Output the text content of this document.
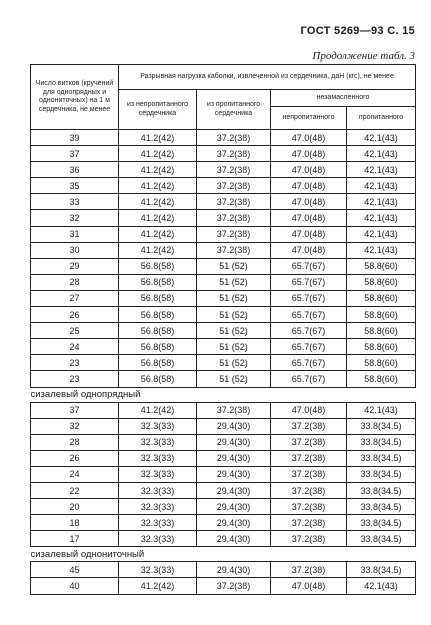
ГОСТ 5269—93 С. 15
Продолжение табл. 3
Число витков (кручений для однопрядных и однониточных) на 1 м сердечника, не менее	Разрывная нагрузка каболки, извлеченной из сердечника, даН (кгс), не менее
из непропитанного сердечника	из пропитанного сердечника	незамасленного
непропитанного	пропитанного
39	41.2(42)	37.2(38)	47.0(48)	42.1(43)
37	41.2(42)	37.2(38)	47.0(48)	42.1(43)
36	41.2(42)	37.2(38)	47.0(48)	42.1(43)
35	41.2(42)	37.2(38)	47.0(48)	42.1(43)
33	41.2(42)	37.2(38)	47.0(48)	42.1(43)
32	41.2(42)	37.2(38)	47.0(48)	42.1(43)
31	41.2(42)	37.2(38)	47.0(48)	42.1(43)
30	41.2(42)	37.2(38)	47.0(48)	42.1(43)
29	56.8(58)	51 (52)	65.7(67)	58.8(60)
28	56.8(58)	51 (52)	65.7(67)	58.8(60)
27	56.8(58)	51 (52)	65.7(67)	58.8(60)
26	56.8(58)	51 (52)	65.7(67)	58.8(60)
25	56.8(58)	51 (52)	65.7(67)	58.8(60)
24	56.8(58)	51 (52)	65.7(67)	58.8(60)
23	56.8(58)	51 (52)	65.7(67)	58.8(60)
23	56.8(58)	51 (52)	65.7(67)	58.8(60)
сизалевый однопрядный
37	41.2(42)	37.2(38)	47.0(48)	42.1(43)
32	32.3(33)	29.4(30)	37.2(38)	33.8(34.5)
28	32.3(33)	29.4(30)	37.2(38)	33.8(34.5)
26	32.3(33)	29.4(30)	37.2(38)	33.8(34.5)
24	32.3(33)	29.4(30)	37.2(38)	33.8(34.5)
22	32.3(33)	29.4(30)	37.2(38)	33.8(34.5)
20	32.3(33)	29.4(30)	37.2(38)	33.8(34.5)
18	32.3(33)	29.4(30)	37.2(38)	33.8(34.5)
17	32.3(33)	29.4(30)	37.2(38)	33.8(34.5)
сизалевый однониточный
45	32.3(33)	29.4(30)	37.2(38)	33.8(34.5)
40	41.2(42)	37.2(38)	47.0(48)	42.1(43)
